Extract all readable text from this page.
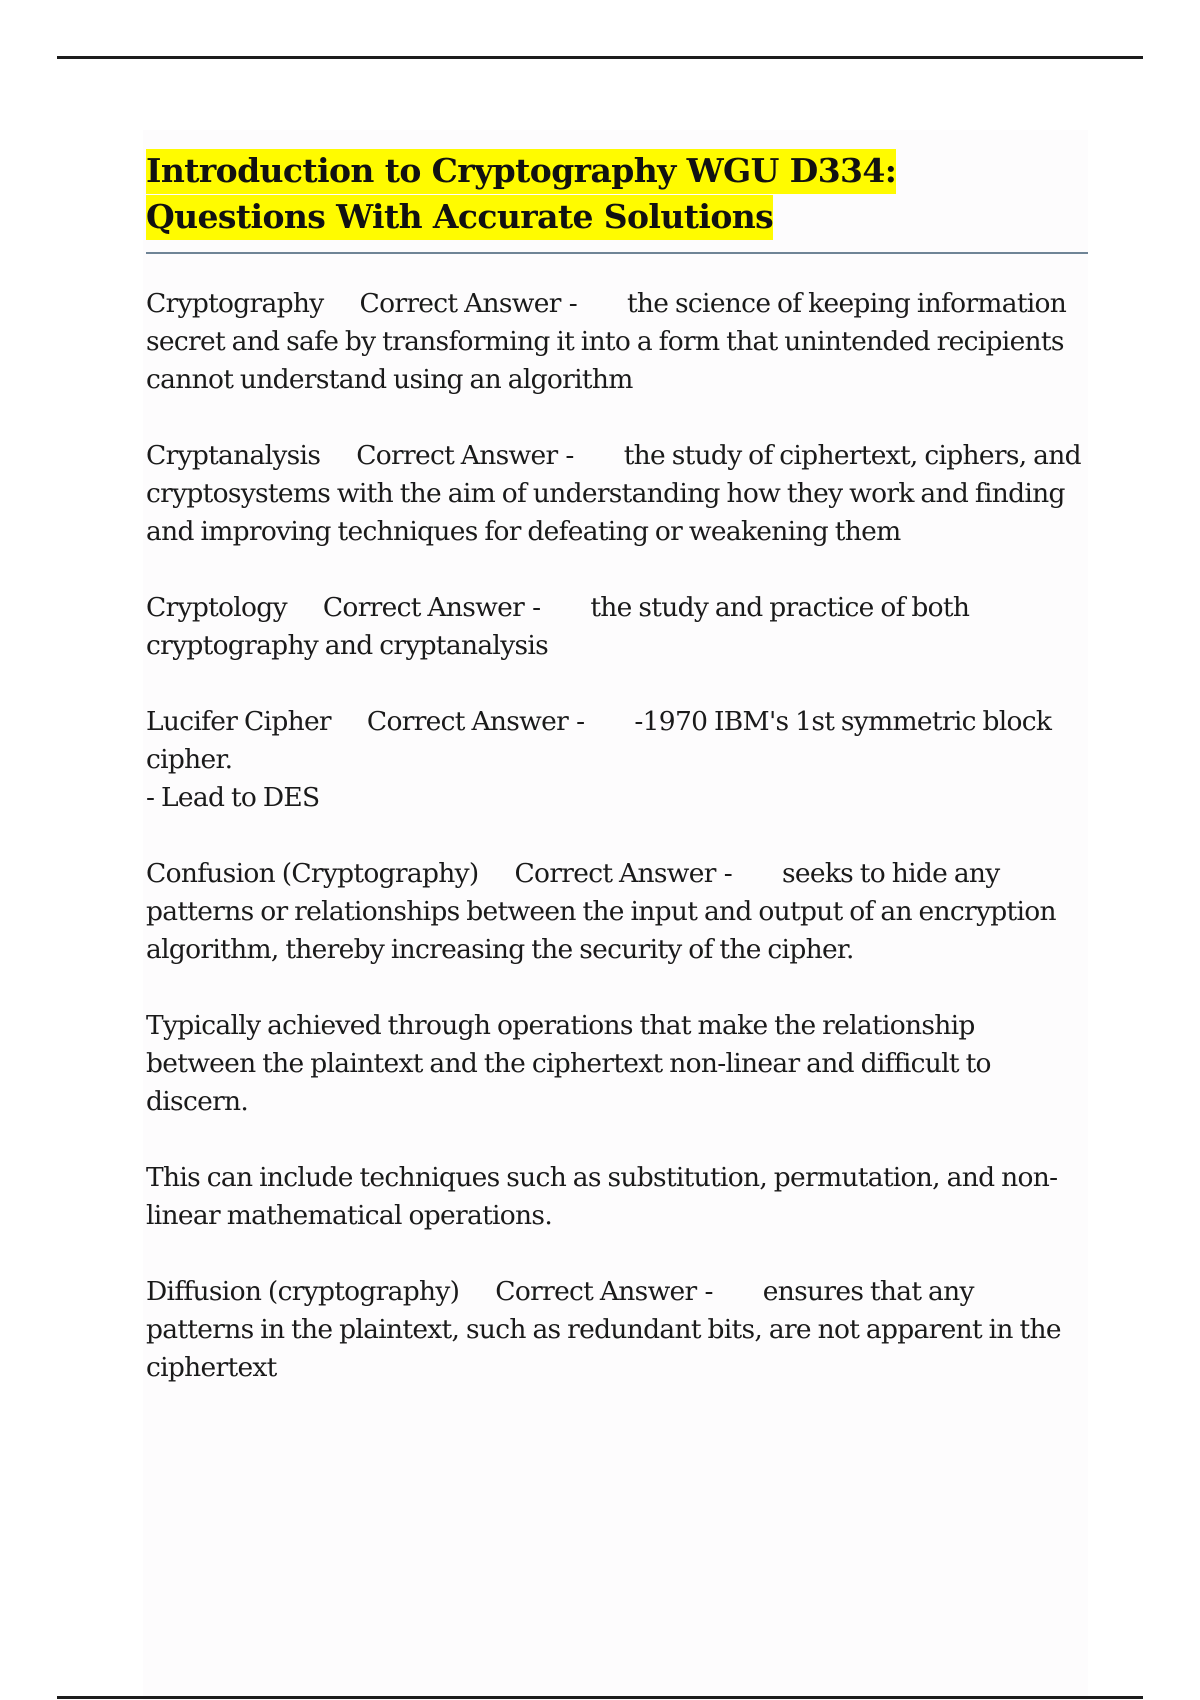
Introduction to Cryptography WGU D334:
Questions With Accurate Solutions

Cryptography Correct Answer - the science of keeping information secret and safe by transforming it into a form that unintended recipients cannot understand using an algorithm

Cryptanalysis Correct Answer - the study of ciphertext, ciphers, and cryptosystems with the aim of understanding how they work and finding and improving techniques for defeating or weakening them

Cryptology Correct Answer - the study and practice of both cryptography and cryptanalysis

Lucifer Cipher Correct Answer - -1970 IBM's 1st symmetric block cipher.
- Lead to DES

Confusion (Cryptography) Correct Answer - seeks to hide any patterns or relationships between the input and output of an encryption algorithm, thereby increasing the security of the cipher.

Typically achieved through operations that make the relationship between the plaintext and the ciphertext non-linear and difficult to discern.

This can include techniques such as substitution, permutation, and non-linear mathematical operations.

Diffusion (cryptography) Correct Answer - ensures that any patterns in the plaintext, such as redundant bits, are not apparent in the ciphertext
